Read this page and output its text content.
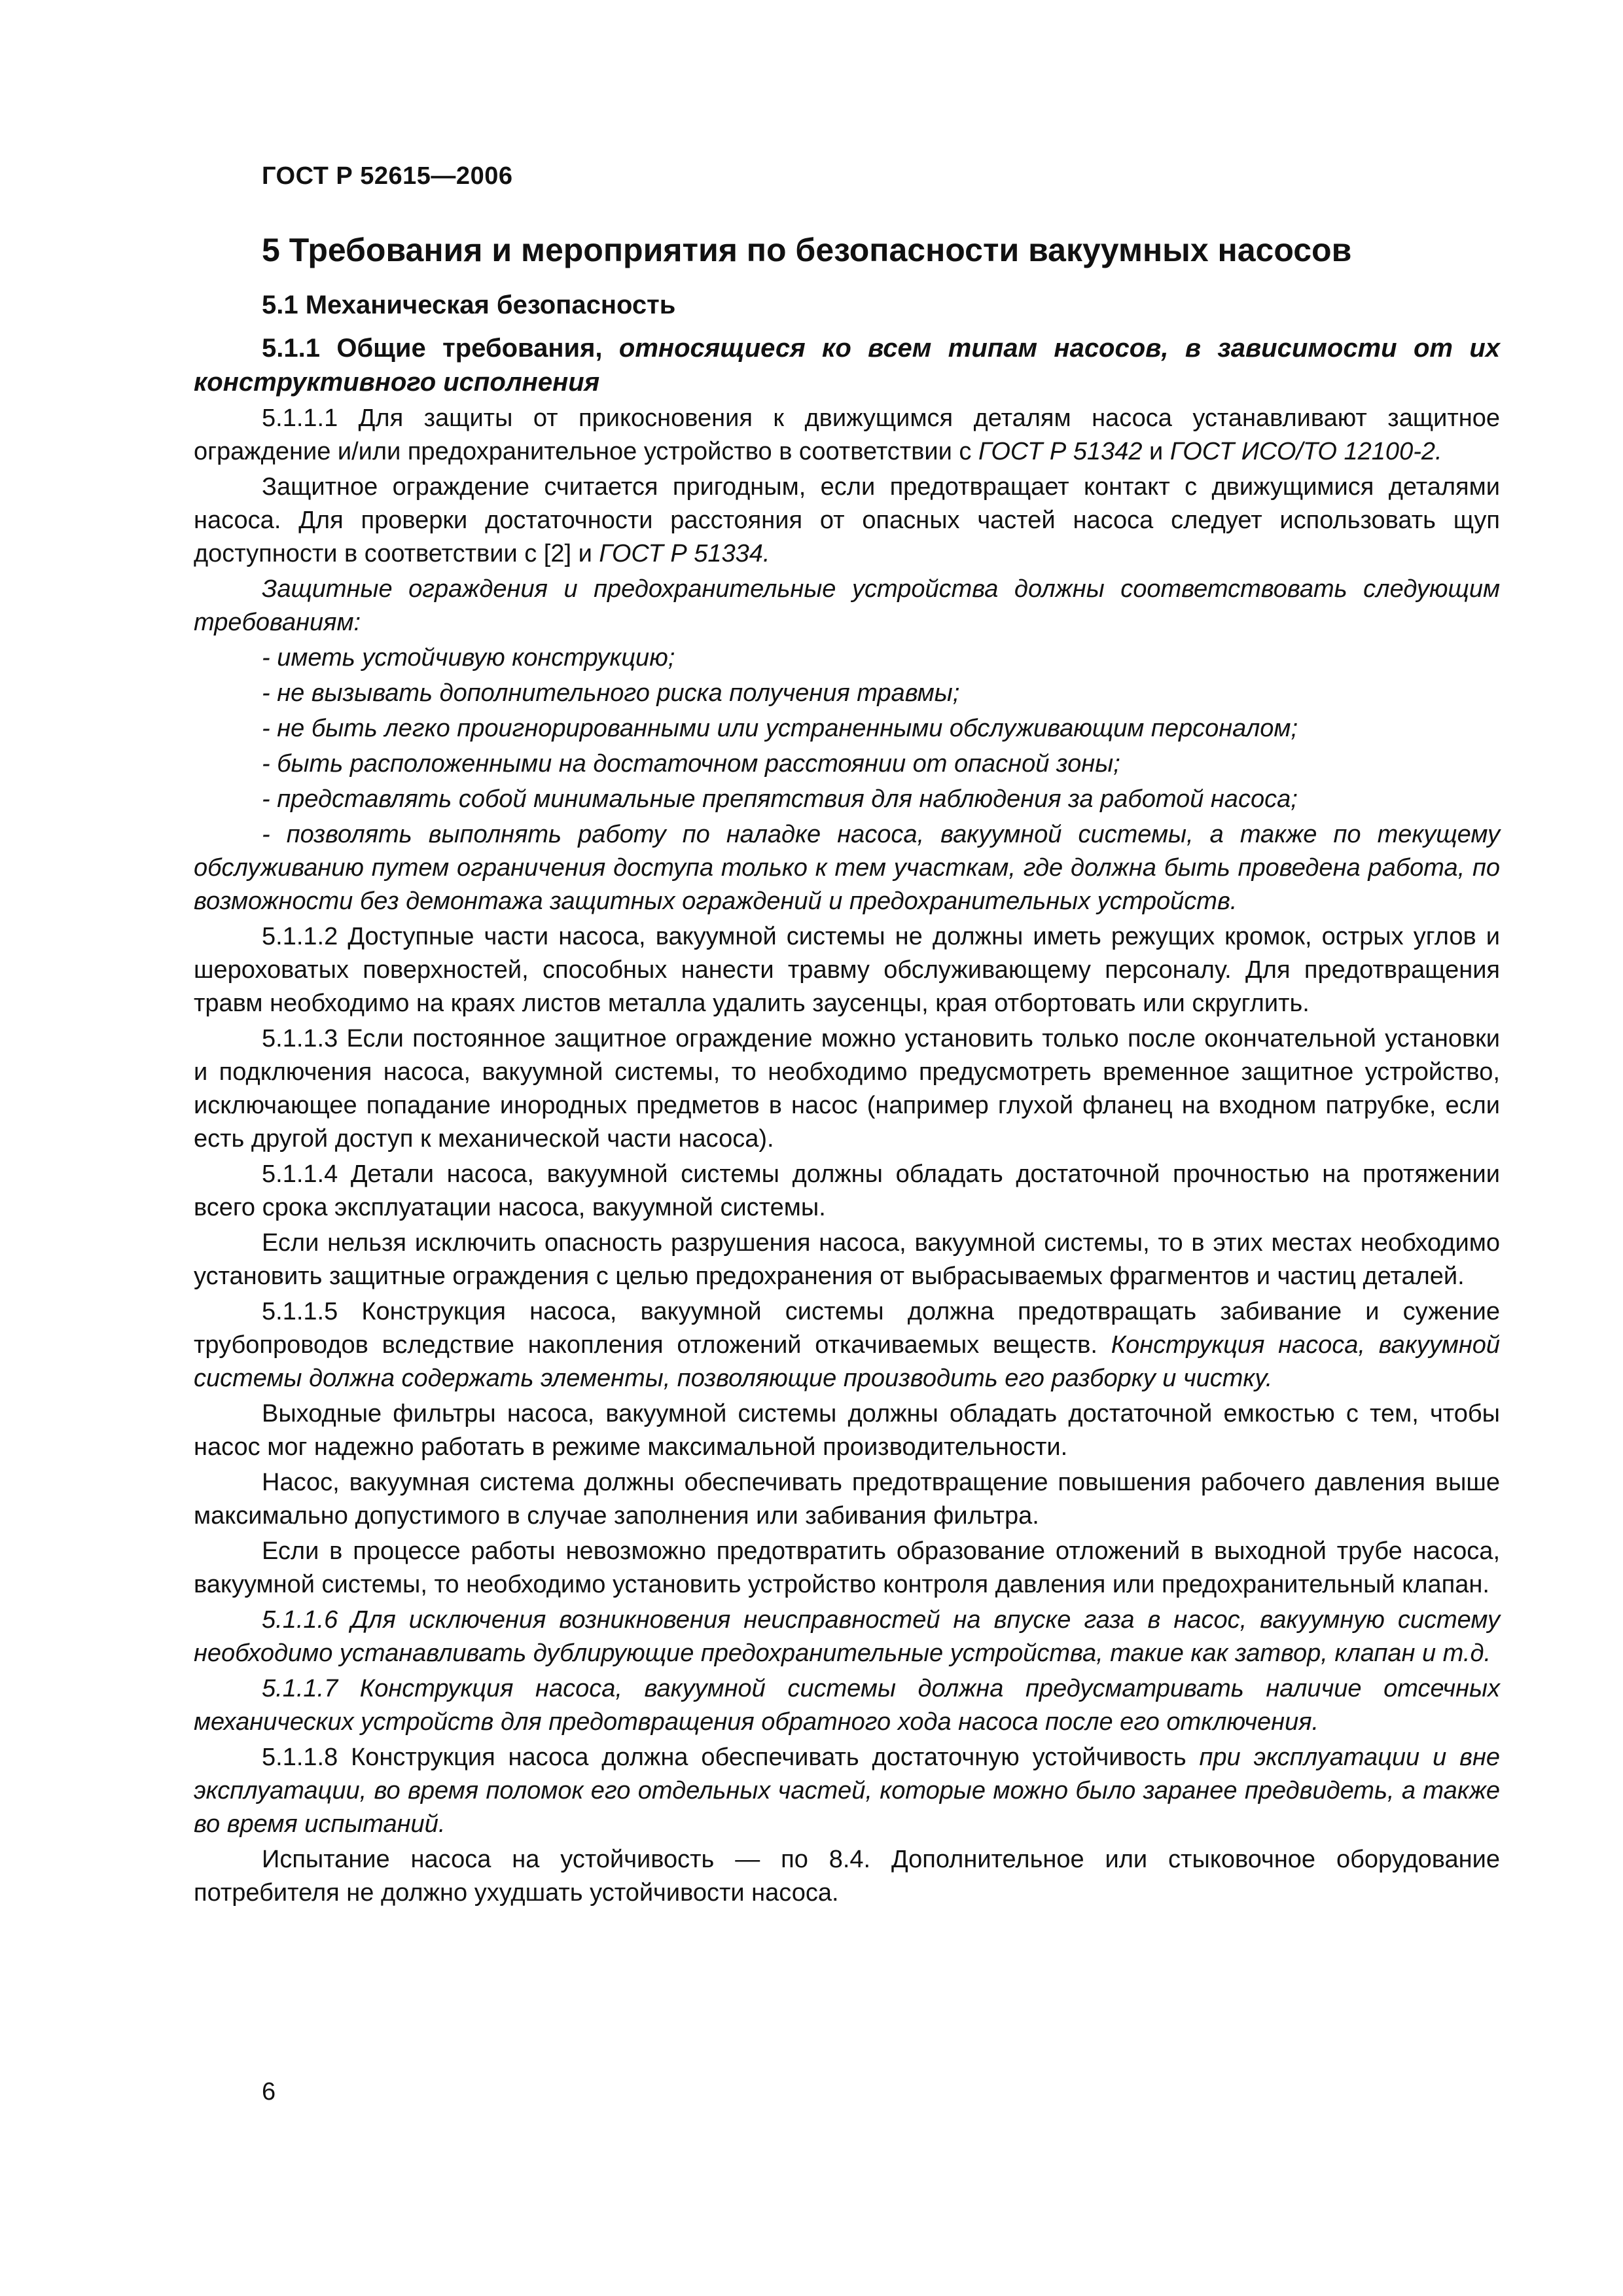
ГОСТ Р 52615—2006

5 Требования и мероприятия по безопасности вакуумных насосов
5.1 Механическая безопасность
5.1.1 Общие требования, относящиеся ко всем типам насосов, в зависимости от их конструктивного исполнения

5.1.1.1 Для защиты от прикосновения к движущимся деталям насоса устанавливают защитное ограждение и/или предохранительное устройство в соответствии с ГОСТ Р 51342 и ГОСТ ИСО/ТО 12100-2.

Защитное ограждение считается пригодным, если предотвращает контакт с движущимися деталями насоса. Для проверки достаточности расстояния от опасных частей насоса следует использовать щуп доступности в соответствии с [2] и ГОСТ Р 51334.

Защитные ограждения и предохранительные устройства должны соответствовать следующим требованиям:

- иметь устойчивую конструкцию;
- не вызывать дополнительного риска получения травмы;
- не быть легко проигнорированными или устраненными обслуживающим персоналом;
- быть расположенными на достаточном расстоянии от опасной зоны;
- представлять собой минимальные препятствия для наблюдения за работой насоса;
- позволять выполнять работу по наладке насоса, вакуумной системы, а также по текущему обслуживанию путем ограничения доступа только к тем участкам, где должна быть проведена работа, по возможности без демонтажа защитных ограждений и предохранительных устройств.

5.1.1.2 Доступные части насоса, вакуумной системы не должны иметь режущих кромок, острых углов и шероховатых поверхностей, способных нанести травму обслуживающему персоналу. Для предотвращения травм необходимо на краях листов металла удалить заусенцы, края отбортовать или скруглить.

5.1.1.3 Если постоянное защитное ограждение можно установить только после окончательной установки и подключения насоса, вакуумной системы, то необходимо предусмотреть временное защитное устройство, исключающее попадание инородных предметов в насос (например глухой фланец на входном патрубке, если есть другой доступ к механической части насоса).

5.1.1.4 Детали насоса, вакуумной системы должны обладать достаточной прочностью на протяжении всего срока эксплуатации насоса, вакуумной системы.

Если нельзя исключить опасность разрушения насоса, вакуумной системы, то в этих местах необходимо установить защитные ограждения с целью предохранения от выбрасываемых фрагментов и частиц деталей.

5.1.1.5 Конструкция насоса, вакуумной системы должна предотвращать забивание и сужение трубопроводов вследствие накопления отложений откачиваемых веществ. Конструкция насоса, вакуумной системы должна содержать элементы, позволяющие производить его разборку и чистку.

Выходные фильтры насоса, вакуумной системы должны обладать достаточной емкостью с тем, чтобы насос мог надежно работать в режиме максимальной производительности.

Насос, вакуумная система должны обеспечивать предотвращение повышения рабочего давления выше максимально допустимого в случае заполнения или забивания фильтра.

Если в процессе работы невозможно предотвратить образование отложений в выходной трубе насоса, вакуумной системы, то необходимо установить устройство контроля давления или предохранительный клапан.

5.1.1.6 Для исключения возникновения неисправностей на впуске газа в насос, вакуумную систему необходимо устанавливать дублирующие предохранительные устройства, такие как затвор, клапан и т.д.

5.1.1.7 Конструкция насоса, вакуумной системы должна предусматривать наличие отсечных механических устройств для предотвращения обратного хода насоса после его отключения.

5.1.1.8 Конструкция насоса должна обеспечивать достаточную устойчивость при эксплуатации и вне эксплуатации, во время поломок его отдельных частей, которые можно было заранее предвидеть, а также во время испытаний.

Испытание насоса на устойчивость — по 8.4. Дополнительное или стыковочное оборудование потребителя не должно ухудшать устойчивости насоса.

6
